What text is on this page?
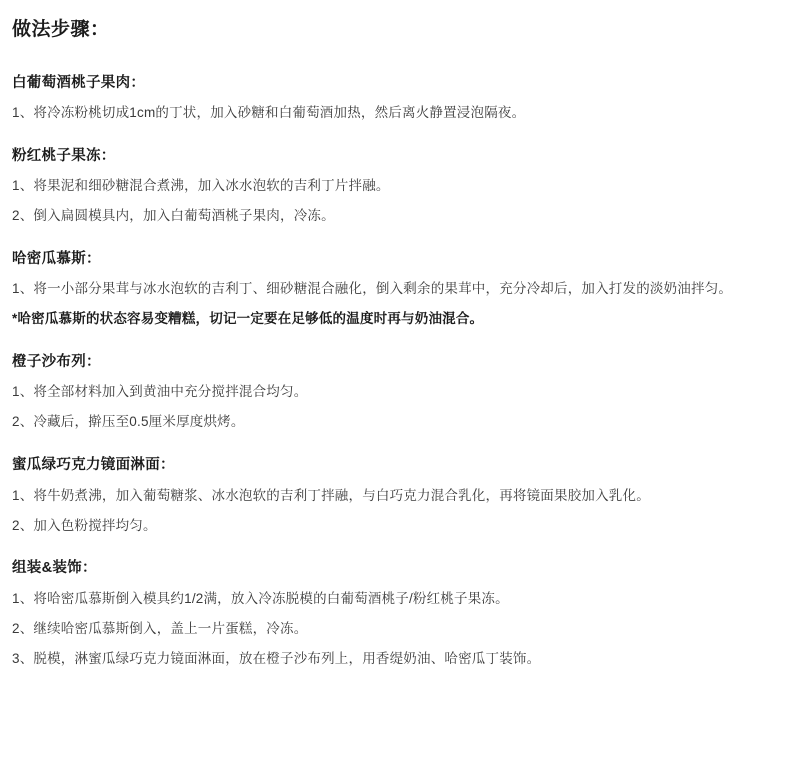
做法步骤：
白葡萄酒桃子果肉：

1、将冷冻粉桃切成1cm的丁状，加入砂糖和白葡萄酒加热，然后离火静置浸泡隔夜。

粉红桃子果冻：

1、将果泥和细砂糖混合煮沸，加入冰水泡软的吉利丁片拌融。

2、倒入扁圆模具内，加入白葡萄酒桃子果肉，冷冻。

哈密瓜慕斯：

1、将一小部分果茸与冰水泡软的吉利丁、细砂糖混合融化，倒入剩余的果茸中，充分冷却后，加入打发的淡奶油拌匀。

*哈密瓜慕斯的状态容易变糟糕，切记一定要在足够低的温度时再与奶油混合。

橙子沙布列：

1、将全部材料加入到黄油中充分搅拌混合均匀。

2、冷藏后，擀压至0.5厘米厚度烘烤。

蜜瓜绿巧克力镜面淋面：

1、将牛奶煮沸，加入葡萄糖浆、冰水泡软的吉利丁拌融，与白巧克力混合乳化，再将镜面果胶加入乳化。

2、加入色粉搅拌均匀。

组装&装饰：

1、将哈密瓜慕斯倒入模具约1/2满，放入冷冻脱模的白葡萄酒桃子/粉红桃子果冻。

2、继续哈密瓜慕斯倒入，盖上一片蛋糕，冷冻。

3、脱模，淋蜜瓜绿巧克力镜面淋面，放在橙子沙布列上，用香缇奶油、哈密瓜丁装饰。
